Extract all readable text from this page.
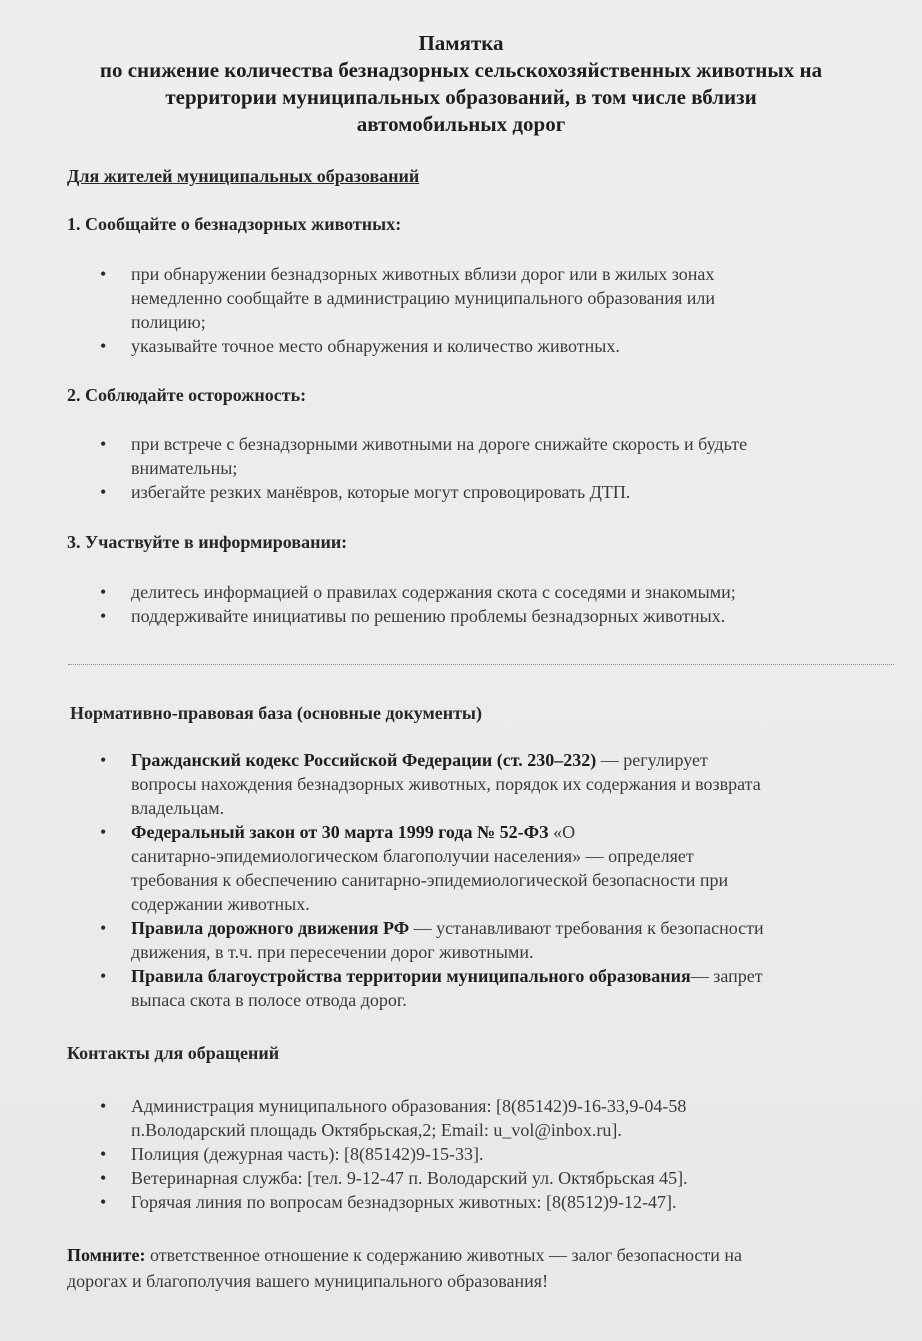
Памятка
по снижение количества безнадзорных сельскохозяйственных животных на
территории муниципальных образований, в том числе вблизи
автомобильных дорог
Для жителей муниципальных образований
1. Сообщайте о безнадзорных животных:
• при обнаружении безнадзорных животных вблизи дорог или в жилых зонах
немедленно сообщайте в администрацию муниципального образования или
полицию;
• указывайте точное место обнаружения и количество животных.
2. Соблюдайте осторожность:
• при встрече с безнадзорными животными на дороге снижайте скорость и будьте
внимательны;
• избегайте резких манёвров, которые могут спровоцировать ДТП.
3. Участвуйте в информировании:
• делитесь информацией о правилах содержания скота с соседями и знакомыми;
• поддерживайте инициативы по решению проблемы безнадзорных животных.
Нормативно-правовая база (основные документы)
• Гражданский кодекс Российской Федерации (ст. 230–232) — регулирует
вопросы нахождения безнадзорных животных, порядок их содержания и возврата
владельцам.
• Федеральный закон от 30 марта 1999 года № 52-ФЗ «О
санитарно-эпидемиологическом благополучии населения» — определяет
требования к обеспечению санитарно-эпидемиологической безопасности при
содержании животных.
• Правила дорожного движения РФ — устанавливают требования к безопасности
движения, в т.ч. при пересечении дорог животными.
• Правила благоустройства территории муниципального образования— запрет
выпаса скота в полосе отвода дорог.
Контакты для обращений
• Администрация муниципального образования: [8(85142)9-16-33,9-04-58
п.Володарский площадь Октябрьская,2; Email: u_vol@inbox.ru].
• Полиция (дежурная часть): [8(85142)9-15-33].
• Ветеринарная служба: [тел. 9-12-47 п. Володарский ул. Октябрьская 45].
• Горячая линия по вопросам безнадзорных животных: [8(8512)9-12-47].
Помните: ответственное отношение к содержанию животных — залог безопасности на
дорогах и благополучия вашего муниципального образования!
